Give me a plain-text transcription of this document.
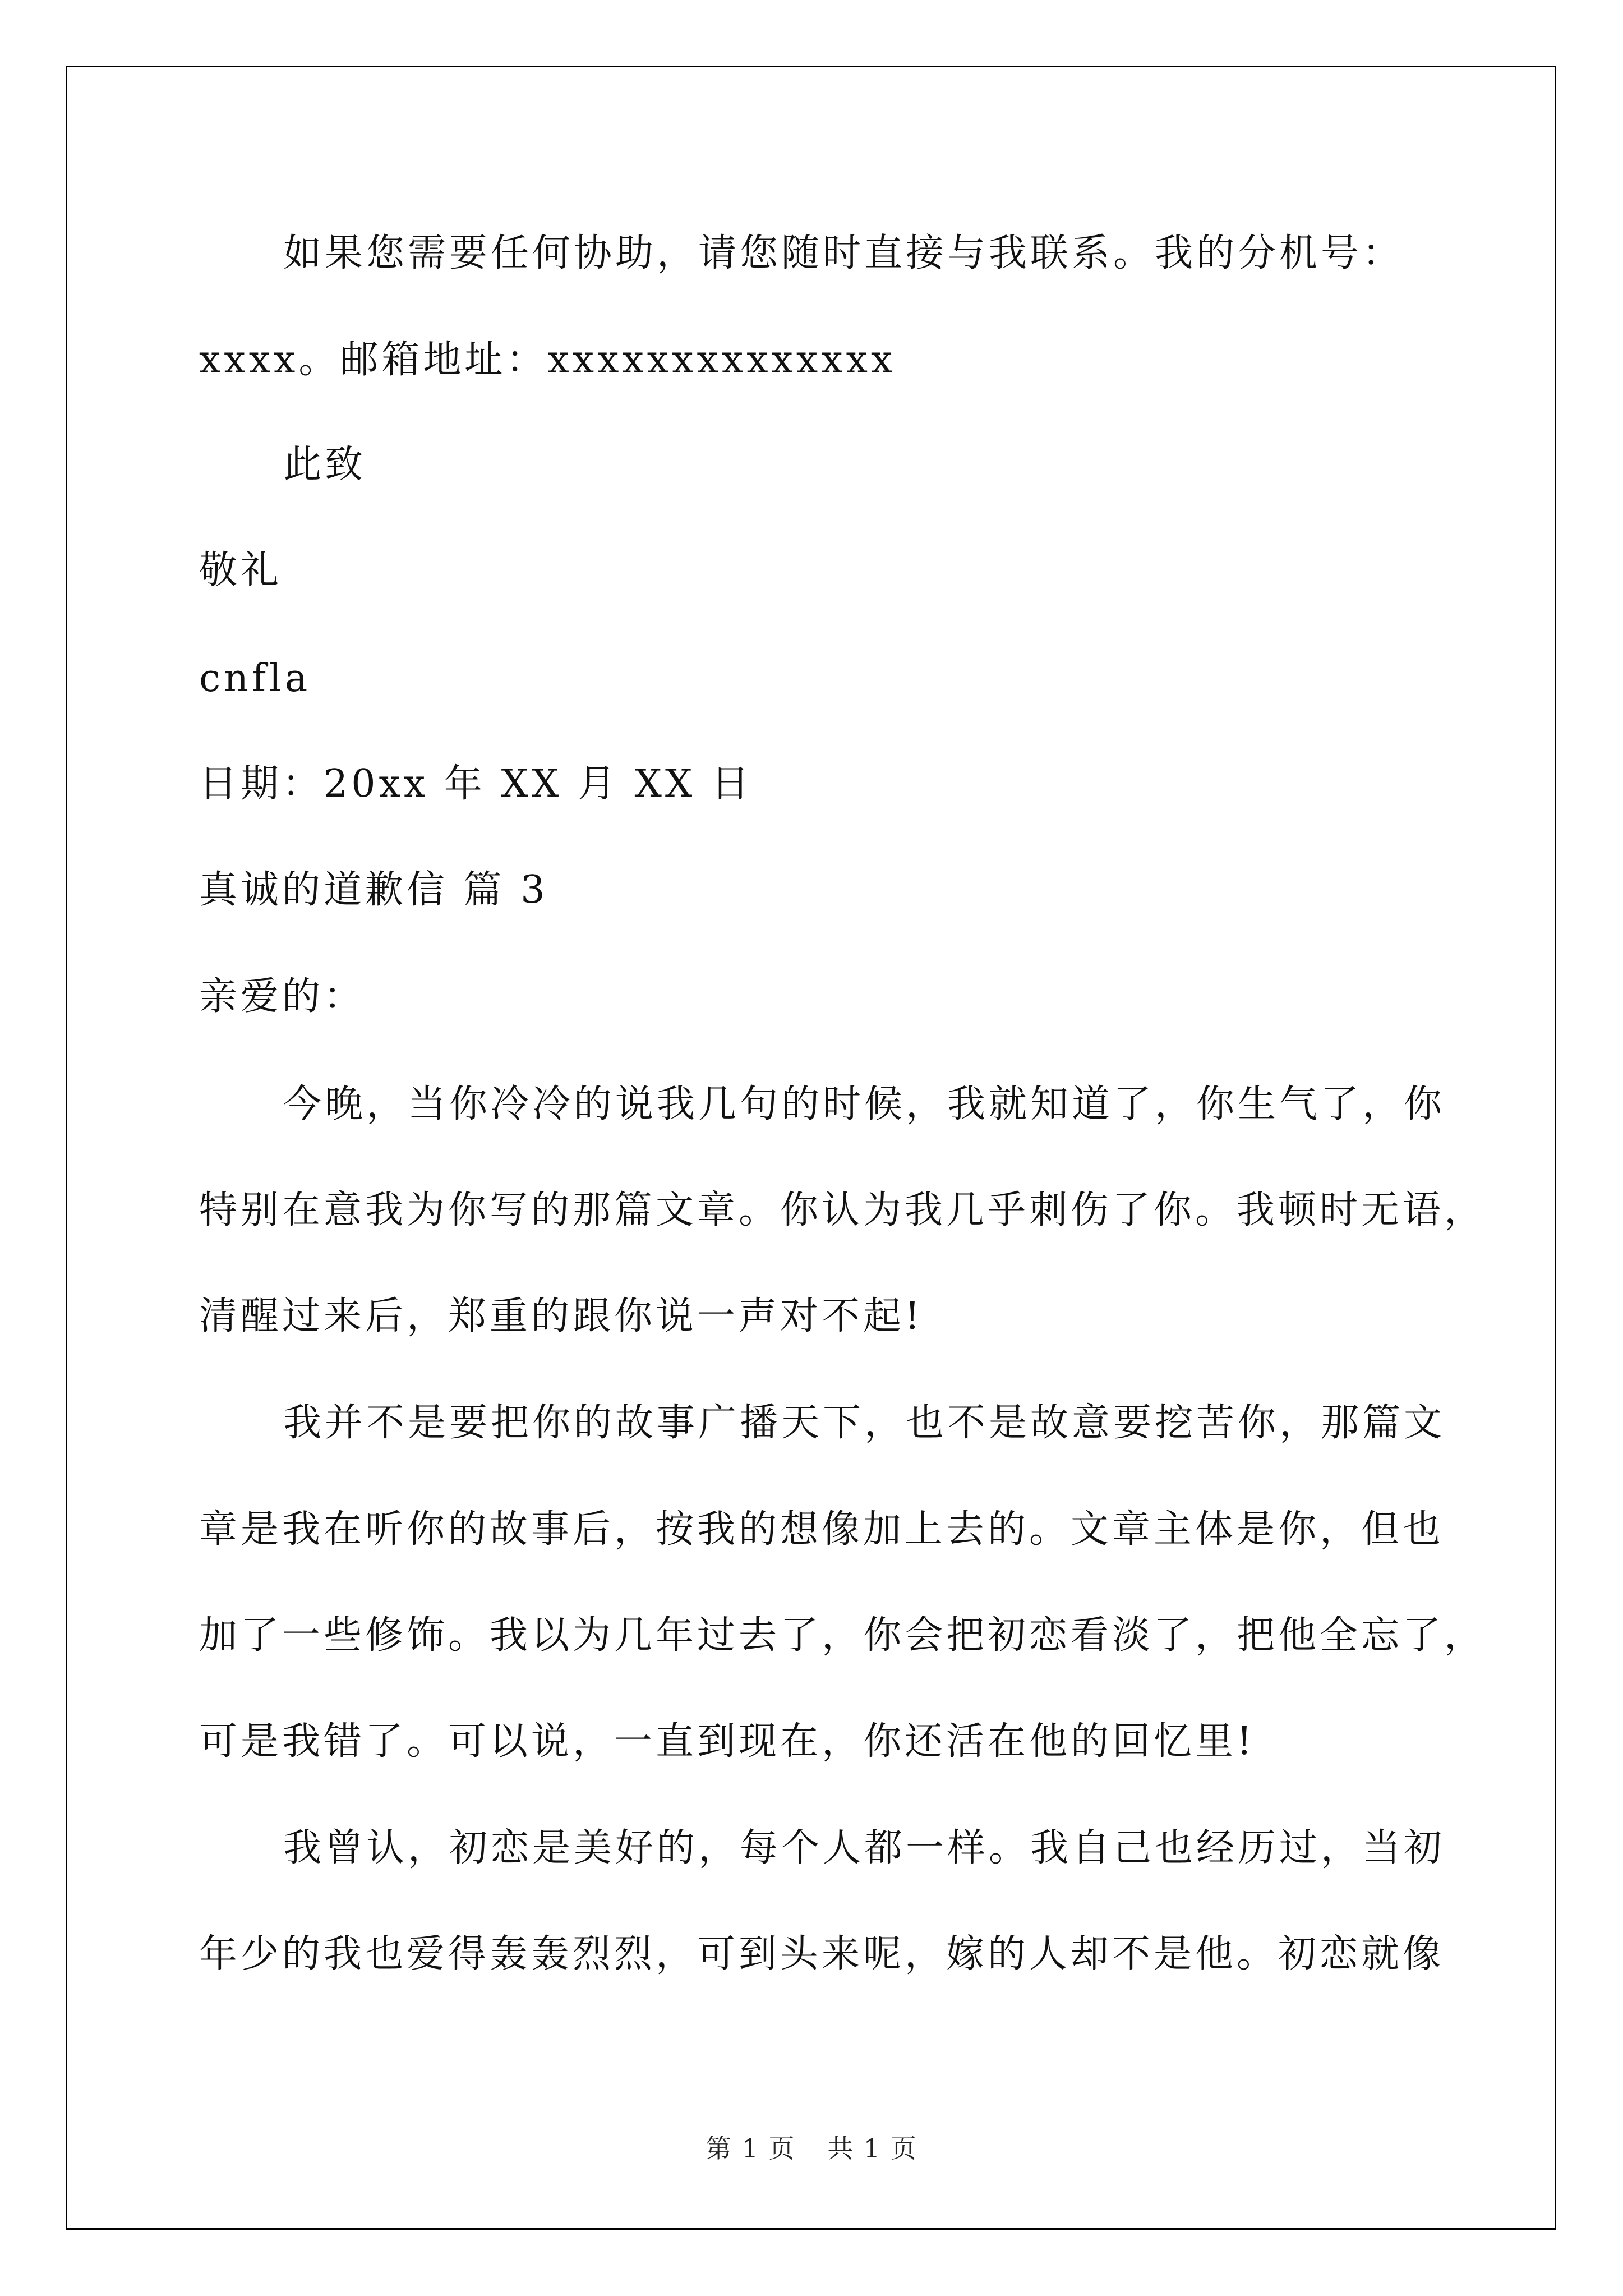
如果您需要任何协助，请您随时直接与我联系。我的分机号：
xxxx。邮箱地址：xxxxxxxxxxxxxx
此致
敬礼
cnfla
日期：20xx 年 XX 月 XX 日
真诚的道歉信 篇 3
亲爱的：
今晚，当你冷冷的说我几句的时候，我就知道了，你生气了，你
特别在意我为你写的那篇文章。你认为我几乎刺伤了你。我顿时无语，
清醒过来后，郑重的跟你说一声对不起!
我并不是要把你的故事广播天下，也不是故意要挖苦你，那篇文
章是我在听你的故事后，按我的想像加上去的。文章主体是你，但也
加了一些修饰。我以为几年过去了，你会把初恋看淡了，把他全忘了，
可是我错了。可以说，一直到现在，你还活在他的回忆里!
我曾认，初恋是美好的，每个人都一样。我自己也经历过，当初
年少的我也爱得轰轰烈烈，可到头来呢，嫁的人却不是他。初恋就像
第 1 页 共 1 页
